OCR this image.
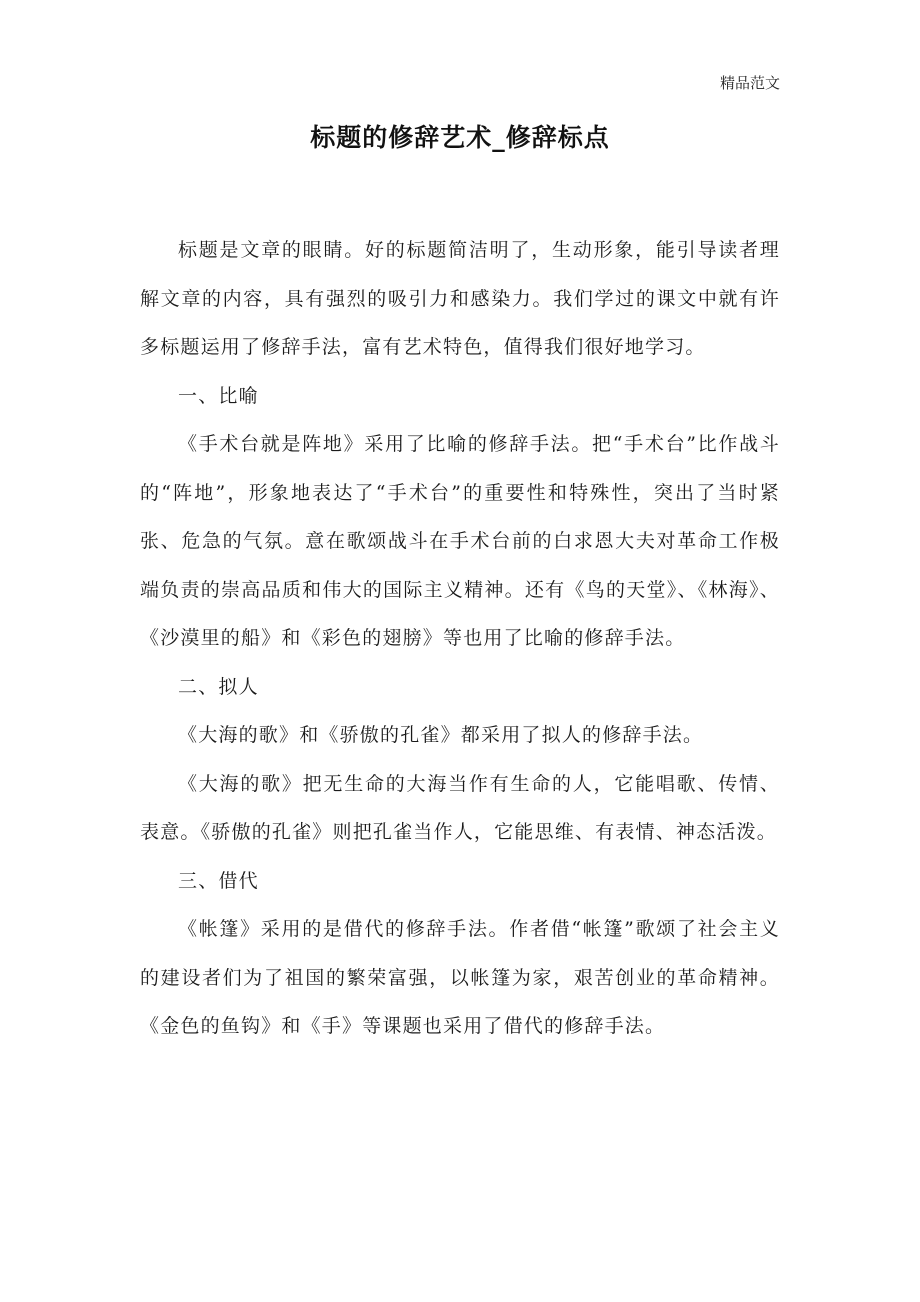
精品范文
标题的修辞艺术_修辞标点

标题是文章的眼睛。好的标题简洁明了，生动形象，能引导读者理解文章的内容，具有强烈的吸引力和感染力。我们学过的课文中就有许多标题运用了修辞手法，富有艺术特色，值得我们很好地学习。

一、比喻

《手术台就是阵地》采用了比喻的修辞手法。把“手术台”比作战斗的“阵地”，形象地表达了“手术台”的重要性和特殊性，突出了当时紧张、危急的气氛。意在歌颂战斗在手术台前的白求恩大夫对革命工作极端负责的崇高品质和伟大的国际主义精神。还有《鸟的天堂》、《林海》、《沙漠里的船》和《彩色的翅膀》等也用了比喻的修辞手法。

二、拟人

《大海的歌》和《骄傲的孔雀》都采用了拟人的修辞手法。

《大海的歌》把无生命的大海当作有生命的人，它能唱歌、传情、表意。《骄傲的孔雀》则把孔雀当作人，它能思维、有表情、神态活泼。

三、借代

《帐篷》采用的是借代的修辞手法。作者借“帐篷”歌颂了社会主义的建设者们为了祖国的繁荣富强，以帐篷为家，艰苦创业的革命精神。《金色的鱼钩》和《手》等课题也采用了借代的修辞手法。
